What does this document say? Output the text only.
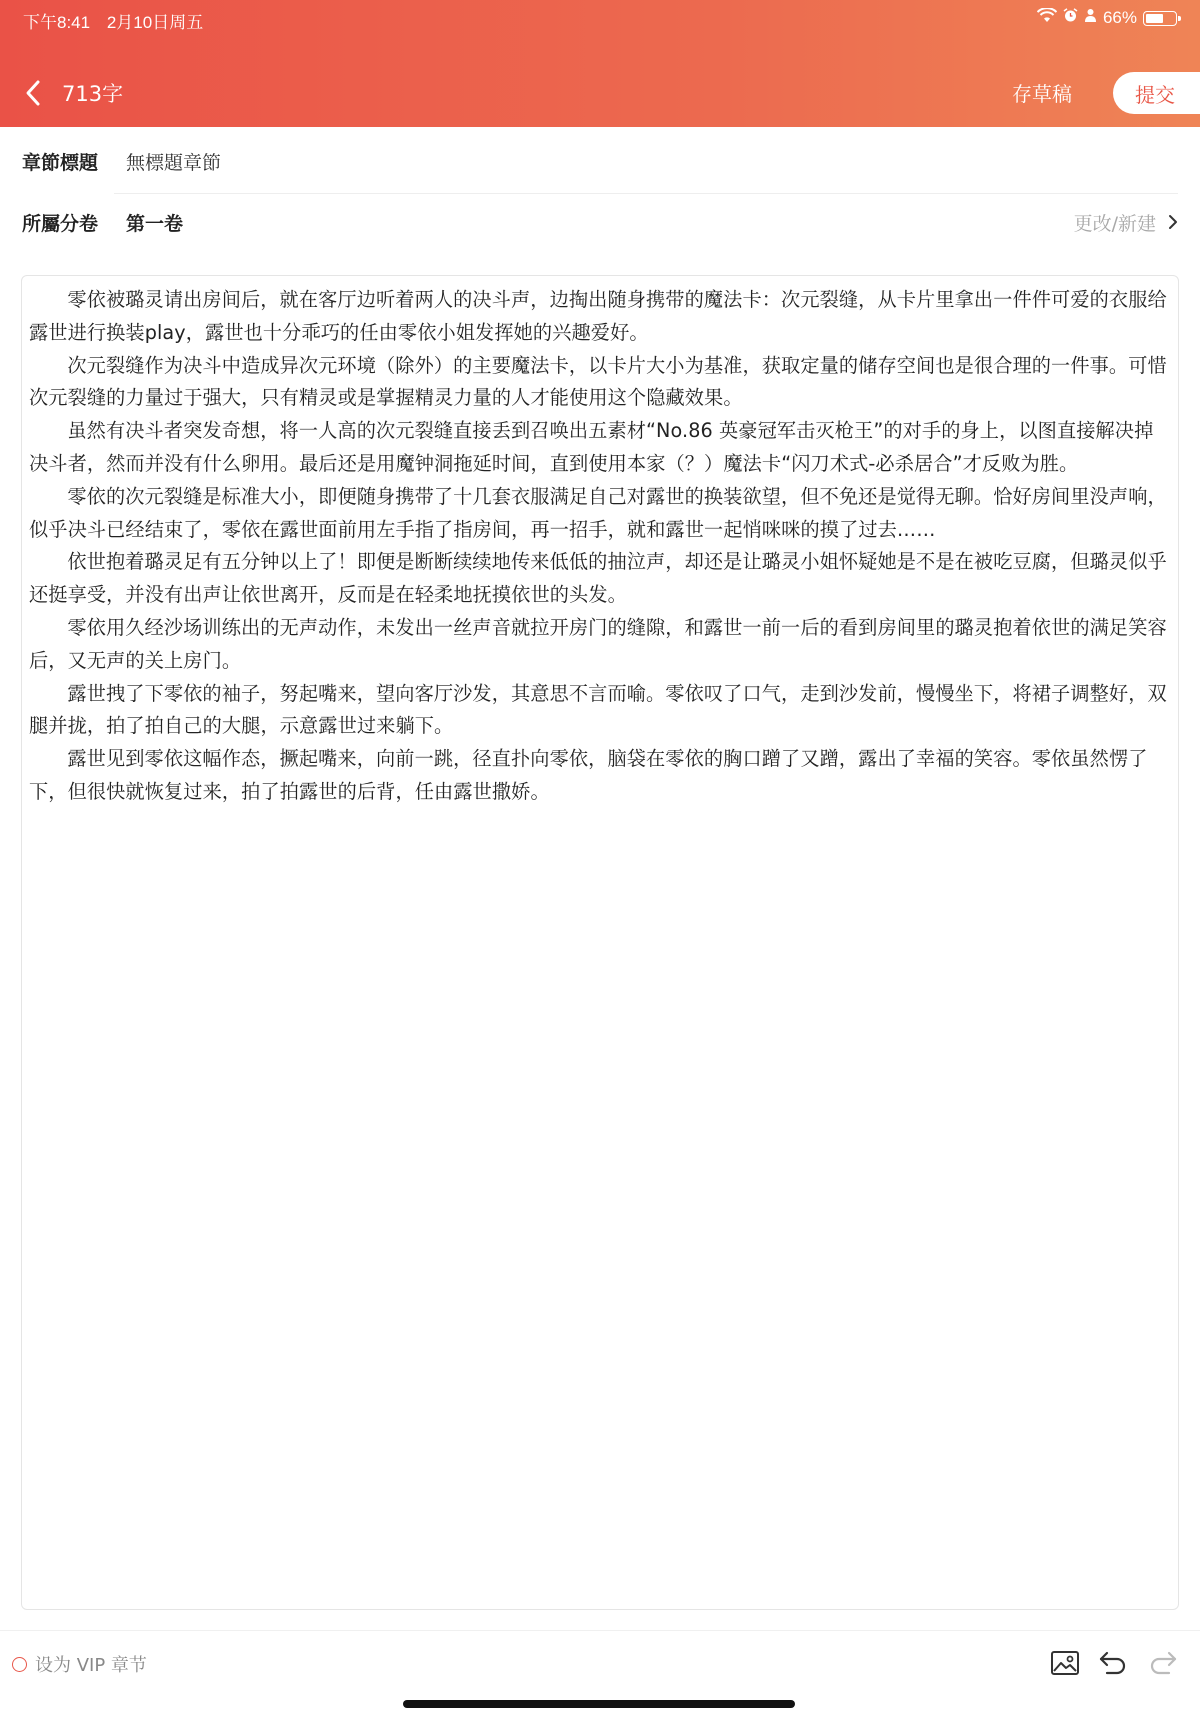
下午8:41 2月10日周五	66%
713字	存草稿	提交
章節標題	無標題章節
所屬分卷	第一卷	更改/新建

零依被璐灵请出房间后，就在客厅边听着两人的决斗声，边掏出随身携带的魔法卡：次元裂缝，从卡片里拿出一件件可爱的衣服给露世进行换装play，露世也十分乖巧的任由零依小姐发挥她的兴趣爱好。

次元裂缝作为决斗中造成异次元环境（除外）的主要魔法卡，以卡片大小为基准，获取定量的储存空间也是很合理的一件事。可惜次元裂缝的力量过于强大，只有精灵或是掌握精灵力量的人才能使用这个隐藏效果。

虽然有决斗者突发奇想，将一人高的次元裂缝直接丢到召唤出五素材“No.86 英豪冠军击灭枪王”的对手的身上，以图直接解决掉决斗者，然而并没有什么卵用。最后还是用魔钟洞拖延时间，直到使用本家（？）魔法卡“闪刀术式-必杀居合”才反败为胜。

零依的次元裂缝是标准大小，即便随身携带了十几套衣服满足自己对露世的换装欲望，但不免还是觉得无聊。恰好房间里没声响，似乎决斗已经结束了，零依在露世面前用左手指了指房间，再一招手，就和露世一起悄咪咪的摸了过去……

依世抱着璐灵足有五分钟以上了！即便是断断续续地传来低低的抽泣声，却还是让璐灵小姐怀疑她是不是在被吃豆腐，但璐灵似乎还挺享受，并没有出声让依世离开，反而是在轻柔地抚摸依世的头发。

零依用久经沙场训练出的无声动作，未发出一丝声音就拉开房门的缝隙，和露世一前一后的看到房间里的璐灵抱着依世的满足笑容后，又无声的关上房门。

露世拽了下零依的袖子，努起嘴来，望向客厅沙发，其意思不言而喻。零依叹了口气，走到沙发前，慢慢坐下，将裙子调整好，双腿并拢，拍了拍自己的大腿，示意露世过来躺下。

露世见到零依这幅作态，撅起嘴来，向前一跳，径直扑向零依，脑袋在零依的胸口蹭了又蹭，露出了幸福的笑容。零依虽然愣了下，但很快就恢复过来，拍了拍露世的后背，任由露世撒娇。

设为 VIP 章节
